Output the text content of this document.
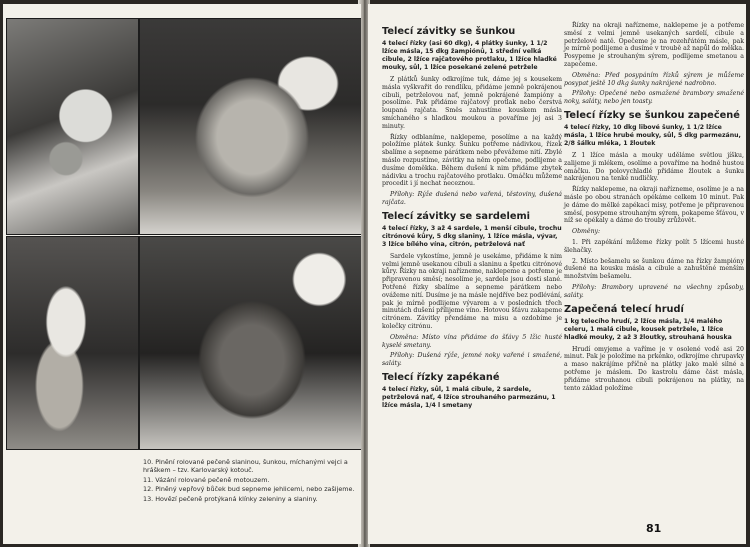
10. Plnění rolované pečeně slaninou, šunkou, míchanými vejci a hráškem – tzv. Karlovarský kotouč.
11. Vázání rolované pečeně motouzem.
12. Plněný vepřový bůček bud sepneme jehlicemi, nebo zašijeme.
13. Hovězí pečeně protýkaná klínky zeleniny a slaniny.
Telecí závitky se šunkou
4 telecí řízky (asi 60 dkg), 4 plátky šunky, 1 1/2 lžíce másla, 15 dkg žampiónů, 1 střední velká cibule, 2 lžíce rajčatového protlaku, 1 lžíce hladké mouky, sůl, 1 lžíce posekané zelené petržele

Z plátků šunky odkrojíme tuk, dáme jej s kousekem másla vyškvařit do rendlíku, přidáme jemně pokrájenou cibuli, petrželovou nať, jemně pokrájené žampióny a posolíme. Pak přidáme rajčatový protlak nebo čerstvá loupaná rajčata. Směs zahustíme kouskem másla smíchaného s hladkou moukou a povaříme jej asi 3 minuty.

Řízky odblaníme, naklepeme, posolíme a na každý položíme plátek šunky. Šunku potřeme nádivkou, řízek sbalíme a sepneme párátkem nebo převážeme nití. Zbylé máslo rozpustíme, závitky na něm opečeme, podlijeme a dusíme doměkka. Během dušení k nim přidáme zbytek nádivku a trochu rajčatového protlaku. Omáčku můžeme procedit i jí nechat neceznou.

Přílohy: Rýže dušená nebo vařená, těstoviny, dušená rajčata.

Telecí závitky se sardelemi
4 telecí řízky, 3 až 4 sardele, 1 menší cibule, trochu citrónové kůry, 5 dkg slaniny, 1 lžíce másla, vývar, 3 lžíce bílého vína, citrón, petrželová nať

Sardele vykostíme, jemně je usekáme, přidáme k nim velmi jemně usekanou cibuli a slaninu a špetku citrónové kůry. Řízky na okraji nařízneme, naklepeme a potřeme je připravenou směsí; nesolíme je, sardele jsou dosti slané. Potřené řízky sbalíme a sepneme párátkem nebo ovážeme nití. Dusíme je na másle nejdříve bez podlévání, pak je mírně podlijeme vývarem a v posledních třech minutách dušení přilijeme víno. Hotovou šťávu zakapeme citrónem. Závitky přendáme na misu a ozdobíme je kolečky citrónu.

Obměna: Místo vína přidáme do šťávy 5 lžic husté kyselé smetany.

Přílohy: Dušená rýže, jemné noky vařené i smažené, saláty.

Telecí řízky zapékané
4 telecí řízky, sůl, 1 malá cibule, 2 sardele, petrželová nať, 4 lžíce strouhaného parmezánu, 1 lžíce másla, 1/4 l smetany

Řízky na okraji nařízneme, naklepeme je a potřeme směsí z velmi jemně usekaných sardelí, cibule a petrželové natě. Opečeme je na rozehřátém másle, pak je mírně podlijeme a dusíme v troubě až napůl do měkka. Posypeme je strouhaným sýrem, podlijeme smetanou a zapečeme.

Obměna: Před posypáním řízků sýrem je můžeme posypat ještě 10 dkg šunky nakrájené nadrobno.

Přílohy: Opečené nebo osmažené brambory smažené noky, saláty, nebo jen toasty.

Telecí řízky se šunkou zapečené
4 telecí řízky, 10 dkg libové šunky, 1 1/2 lžíce másla, 1 lžíce hrubé mouky, sůl, 5 dkg parmezánu, 2/8 šálku mléka, 1 žloutek

Z 1 lžíce másla a mouky uděláme světlou jíšku, zalijeme ji mlékem, osolíme a povaříme na hodně hustou omáčku. Do polovychladlé přidáme žloutek a šunku nakrájenou na tenké nudličky.

Řízky naklepeme, na okraji nařízneme, osolíme je a na másle po obou stranách opékáme celkem 10 minut. Pak je dáme do mělké zapékací misy, potřeme je připravenou směsí, posypeme strouhaným sýrem, pokapeme šťávou, v níž se opékaly a dáme do trouby zrůžovět.

Obměny:

1. Při zapékání můžeme řízky polít 5 lžícemi husté šlehačky.

2. Místo bešamelu se šunkou dáme na řízky žampióny dušené na kousku másla a cibule a zahuštěné menším množstvím bešamelu.

Přílohy: Brambory upravené na všechny způsoby, saláty.

Zapečená telecí hrudí
1 kg telecího hrudí, 2 lžíce másla, 1/4 malého celeru, 1 malá cibule, kousek petržele, 1 lžíce hladké mouky, 2 až 3 žloutky, strouhaná houska

Hrudí omyjeme a vaříme je v osolené vodě asi 20 minut. Pak je položíme na prkénko, odkrojíme chrupavky a maso nakrájíme příčně na plátky jako malé silné a potřeme je máslem. Do kastrolu dáme část másla, přidáme strouhanou cibuli pokrájenou na plátky, na tento základ položíme

81
